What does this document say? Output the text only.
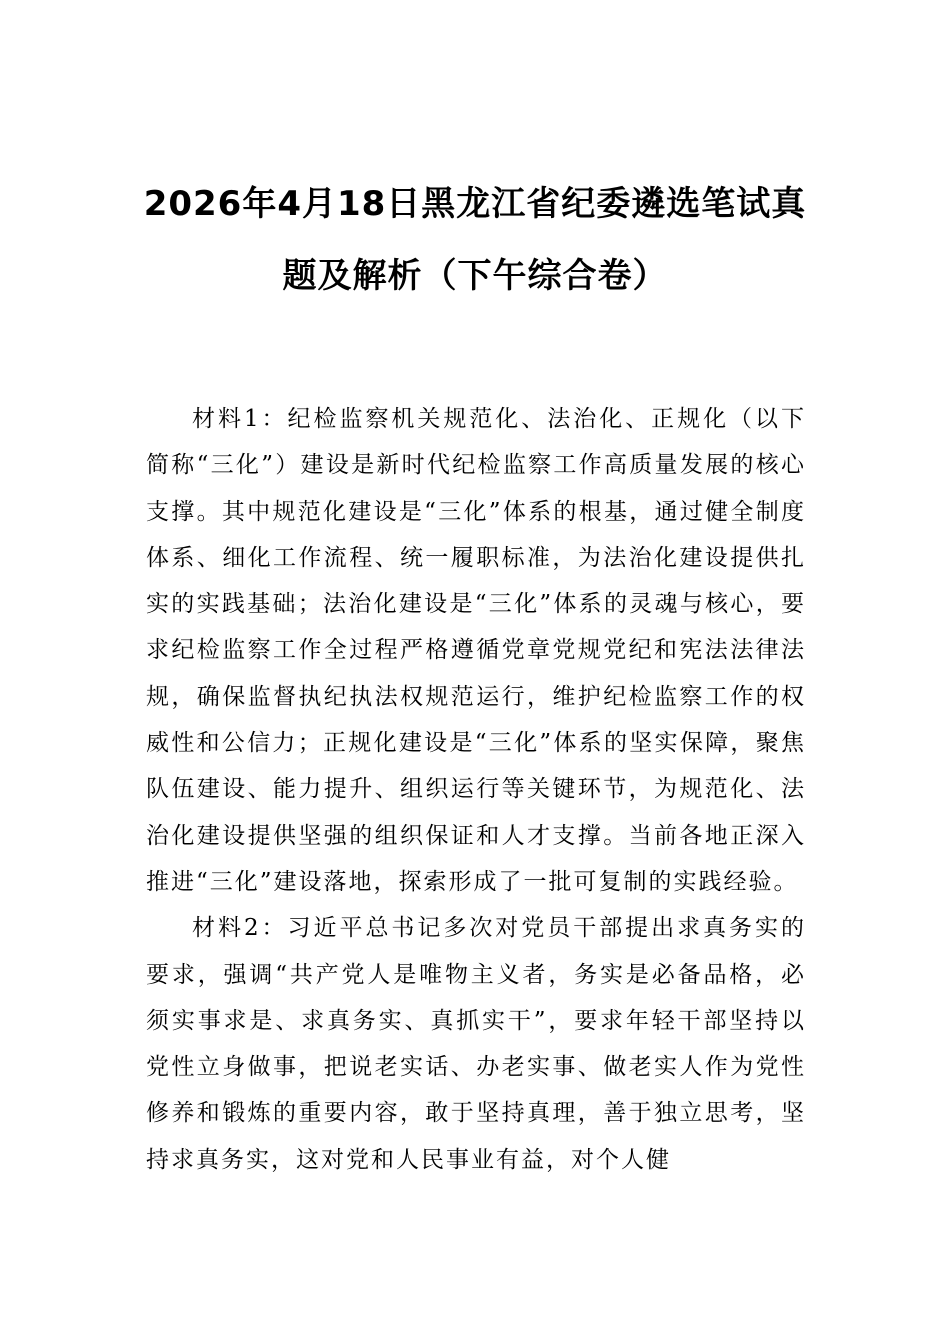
2026年4月18日黑龙江省纪委遴选笔试真
题及解析（下午综合卷）

材料1：纪检监察机关规范化、法治化、正规化（以下简称“三化”）建设是新时代纪检监察工作高质量发展的核心支撑。其中规范化建设是“三化”体系的根基，通过健全制度体系、细化工作流程、统一履职标准，为法治化建设提供扎实的实践基础；法治化建设是“三化”体系的灵魂与核心，要求纪检监察工作全过程严格遵循党章党规党纪和宪法法律法规，确保监督执纪执法权规范运行，维护纪检监察工作的权威性和公信力；正规化建设是“三化”体系的坚实保障，聚焦队伍建设、能力提升、组织运行等关键环节，为规范化、法治化建设提供坚强的组织保证和人才支撑。当前各地正深入推进“三化”建设落地，探索形成了一批可复制的实践经验。

材料2：习近平总书记多次对党员干部提出求真务实的要求，强调“共产党人是唯物主义者，务实是必备品格，必须实事求是、求真务实、真抓实干”，要求年轻干部坚持以党性立身做事，把说老实话、办老实事、做老实人作为党性修养和锻炼的重要内容，敢于坚持真理，善于独立思考，坚持求真务实，这对党和人民事业有益，对个人健
